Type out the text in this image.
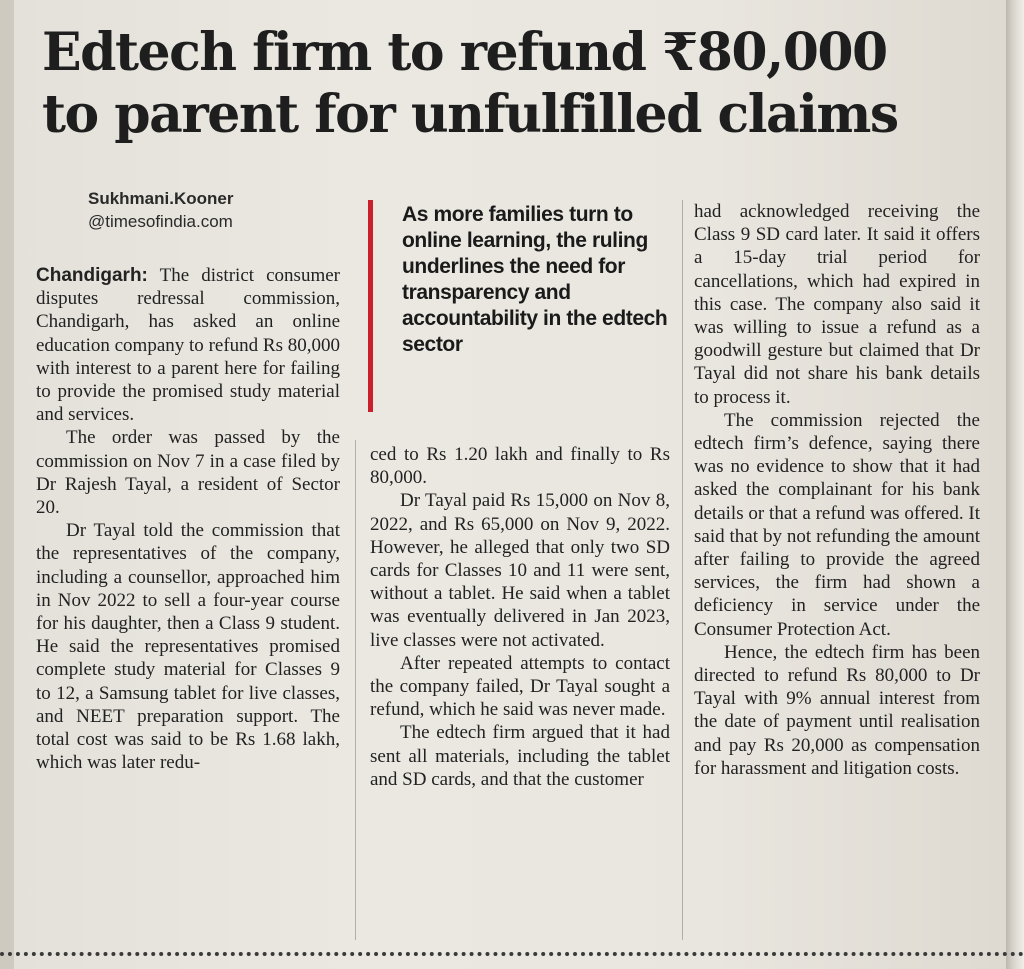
Edtech firm to refund ₹80,000
to parent for unfulfilled claims
Sukhmani.Kooner
@timesofindia.com

Chandigarh: The district consumer disputes redressal commission, Chandigarh, has asked an online education company to refund Rs 80,000 with interest to a parent here for failing to provide the promised study material and services.

The order was passed by the commission on Nov 7 in a case filed by Dr Rajesh Tayal, a resident of Sector 20.

Dr Tayal told the commission that the representatives of the company, including a counsellor, approached him in Nov 2022 to sell a four-year course for his daughter, then a Class 9 student. He said the representatives promised complete study material for Classes 9 to 12, a Samsung tablet for live classes, and NEET preparation support. The total cost was said to be Rs 1.68 lakh, which was later redu-

As more families turn to online learning, the ruling underlines the need for transparency and accountability in the edtech sector

ced to Rs 1.20 lakh and finally to Rs 80,000.

Dr Tayal paid Rs 15,000 on Nov 8, 2022, and Rs 65,000 on Nov 9, 2022. However, he alleged that only two SD cards for Classes 10 and 11 were sent, without a tablet. He said when a tablet was eventually delivered in Jan 2023, live classes were not activated.

After repeated attempts to contact the company failed, Dr Tayal sought a refund, which he said was never made.

The edtech firm argued that it had sent all materials, including the tablet and SD cards, and that the customer

had acknowledged receiving the Class 9 SD card later. It said it offers a 15-day trial period for cancellations, which had expired in this case. The company also said it was willing to issue a refund as a goodwill gesture but claimed that Dr Tayal did not share his bank details to process it.

The commission rejected the edtech firm’s defence, saying there was no evidence to show that it had asked the complainant for his bank details or that a refund was offered. It said that by not refunding the amount after failing to provide the agreed services, the firm had shown a deficiency in service under the Consumer Protection Act.

Hence, the edtech firm has been directed to refund Rs 80,000 to Dr Tayal with 9% annual interest from the date of payment until realisation and pay Rs 20,000 as compensation for harassment and litigation costs.
